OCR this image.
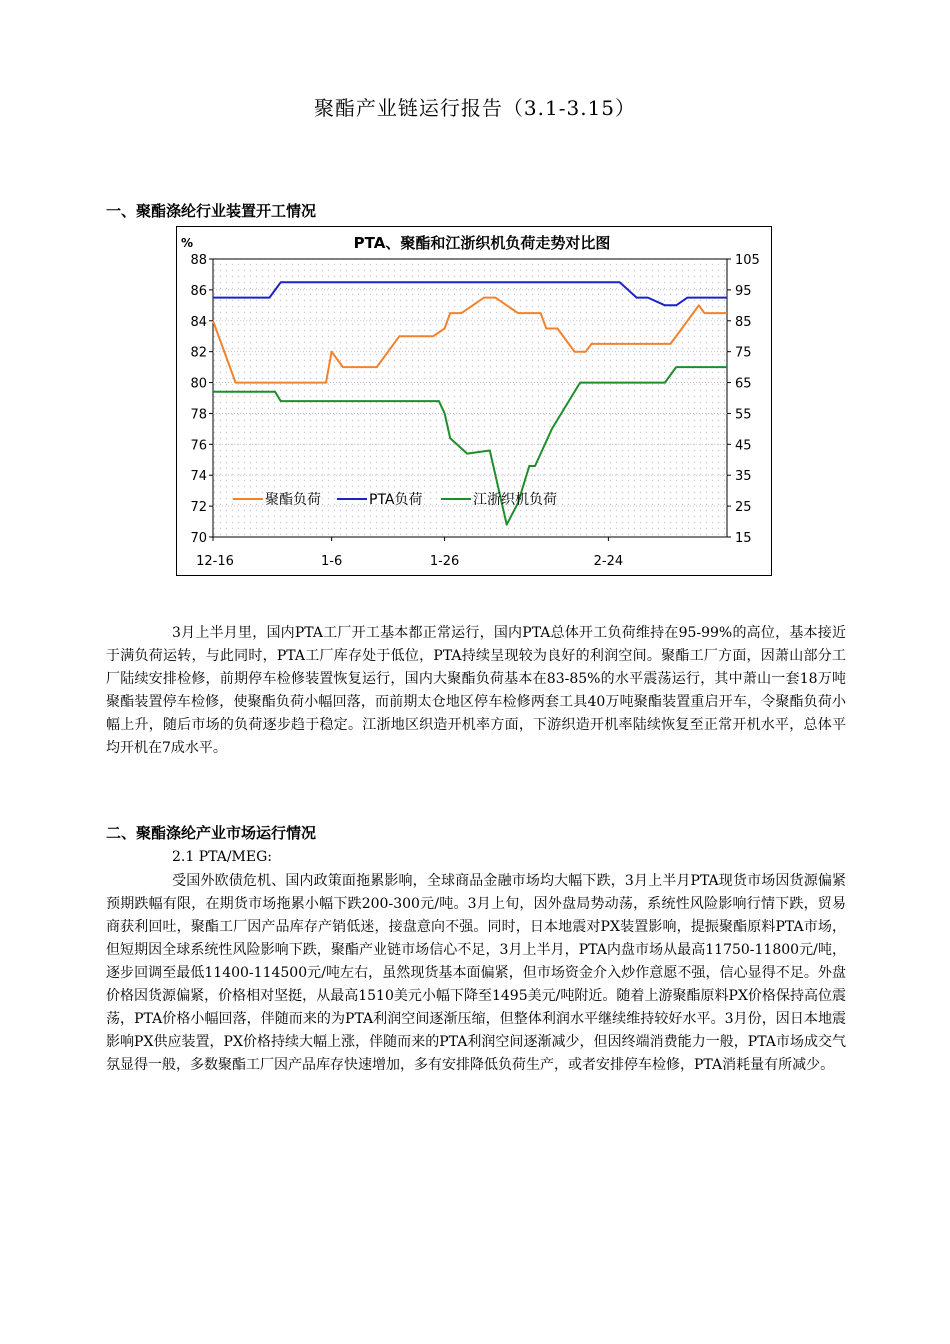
聚酯产业链运行报告（3.1-3.15）
一、聚酯涤纶行业装置开工情况
PTA、聚酯和江浙织机负荷走势对比图
%
88	105
86	95
84	85
82	75
80	65
78	55
76	45
74	35
72	25
70	15
12-16	1-6	1-26	2-24
聚酯负荷	PTA负荷	江浙织机负荷
3月上半月里，国内PTA工厂开工基本都正常运行，国内PTA总体开工负荷维持在95-99%的高位，基本接近于满负荷运转，与此同时，PTA工厂库存处于低位，PTA持续呈现较为良好的利润空间。聚酯工厂方面，因萧山部分工厂陆续安排检修，前期停车检修装置恢复运行，国内大聚酯负荷基本在83-85%的水平震荡运行，其中萧山一套18万吨聚酯装置停车检修，使聚酯负荷小幅回落，而前期太仓地区停车检修两套工具40万吨聚酯装置重启开车，令聚酯负荷小幅上升，随后市场的负荷逐步趋于稳定。江浙地区织造开机率方面，下游织造开机率陆续恢复至正常开机水平，总体平均开机在7成水平。
二、聚酯涤纶产业市场运行情况
2.1 PTA/MEG:
受国外欧债危机、国内政策面拖累影响，全球商品金融市场均大幅下跌，3月上半月PTA现货市场因货源偏紧预期跌幅有限，在期货市场拖累小幅下跌200-300元/吨。3月上旬，因外盘局势动荡，系统性风险影响行情下跌，贸易商获利回吐，聚酯工厂因产品库存产销低迷，接盘意向不强。同时，日本地震对PX装置影响，提振聚酯原料PTA市场，但短期因全球系统性风险影响下跌，聚酯产业链市场信心不足，3月上半月，PTA内盘市场从最高11750-11800元/吨，逐步回调至最低11400-114500元/吨左右，虽然现货基本面偏紧，但市场资金介入炒作意愿不强，信心显得不足。外盘价格因货源偏紧，价格相对坚挺，从最高1510美元小幅下降至1495美元/吨附近。随着上游聚酯原料PX价格保持高位震荡，PTA价格小幅回落，伴随而来的为PTA利润空间逐渐压缩，但整体利润水平继续维持较好水平。3月份，因日本地震影响PX供应装置，PX价格持续大幅上涨，伴随而来的PTA利润空间逐渐减少，但因终端消费能力一般，PTA市场成交气氛显得一般，多数聚酯工厂因产品库存快速增加，多有安排降低负荷生产，或者安排停车检修，PTA消耗量有所减少。
